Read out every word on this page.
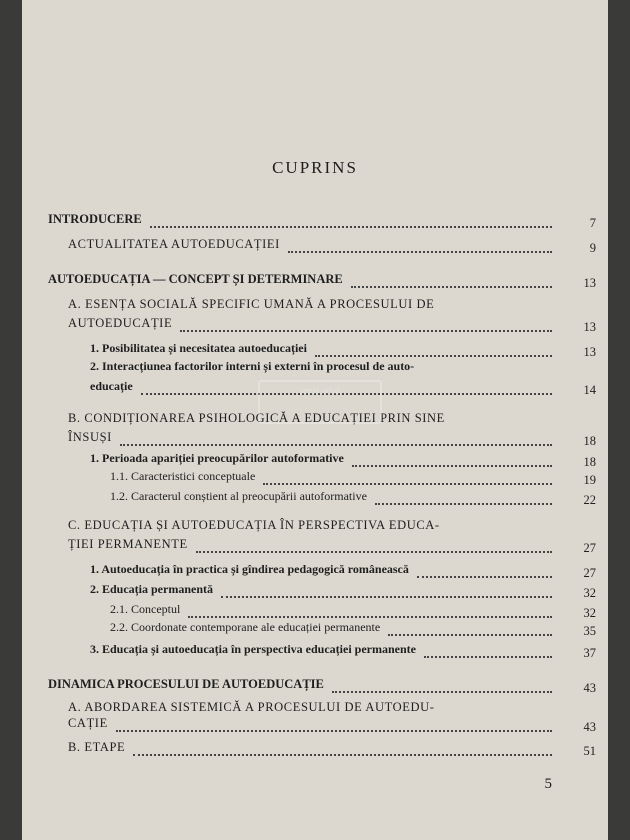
CUPRINS
INTRODUCERE	7
ACTUALITATEA AUTOEDUCAȚIEI	9
AUTOEDUCAȚIA — CONCEPT ȘI DETERMINARE	13
A. ESENȚA SOCIALĂ SPECIFIC UMANĂ A PROCESULUI DE
AUTOEDUCAȚIE	13
1. Posibilitatea și necesitatea autoeducației	13
2. Interacțiunea factorilor interni și externi în procesul de auto-
educație	14
B. CONDIȚIONAREA PSIHOLOGICĂ A EDUCAȚIEI PRIN SINE
ÎNSUȘI	18
1. Perioada apariției preocupărilor autoformative	18
1.1. Caracteristici conceptuale	19
1.2. Caracterul conștient al preocupării autoformative	22
C. EDUCAȚIA ȘI AUTOEDUCAȚIA ÎN PERSPECTIVA EDUCA-
ȚIEI PERMANENTE	27
1. Autoeducația în practica și gîndirea pedagogică românească	27
2. Educația permanentă	32
2.1. Conceptul	32
2.2. Coordonate contemporane ale educației permanente	35
3. Educația și autoeducația în perspectiva educației permanente	37
DINAMICA PROCESULUI DE AUTOEDUCAȚIE	43
A. ABORDAREA SISTEMICĂ A PROCESULUI DE AUTOEDU-
CAȚIE	43
B. ETAPE	51
anticariat
5
